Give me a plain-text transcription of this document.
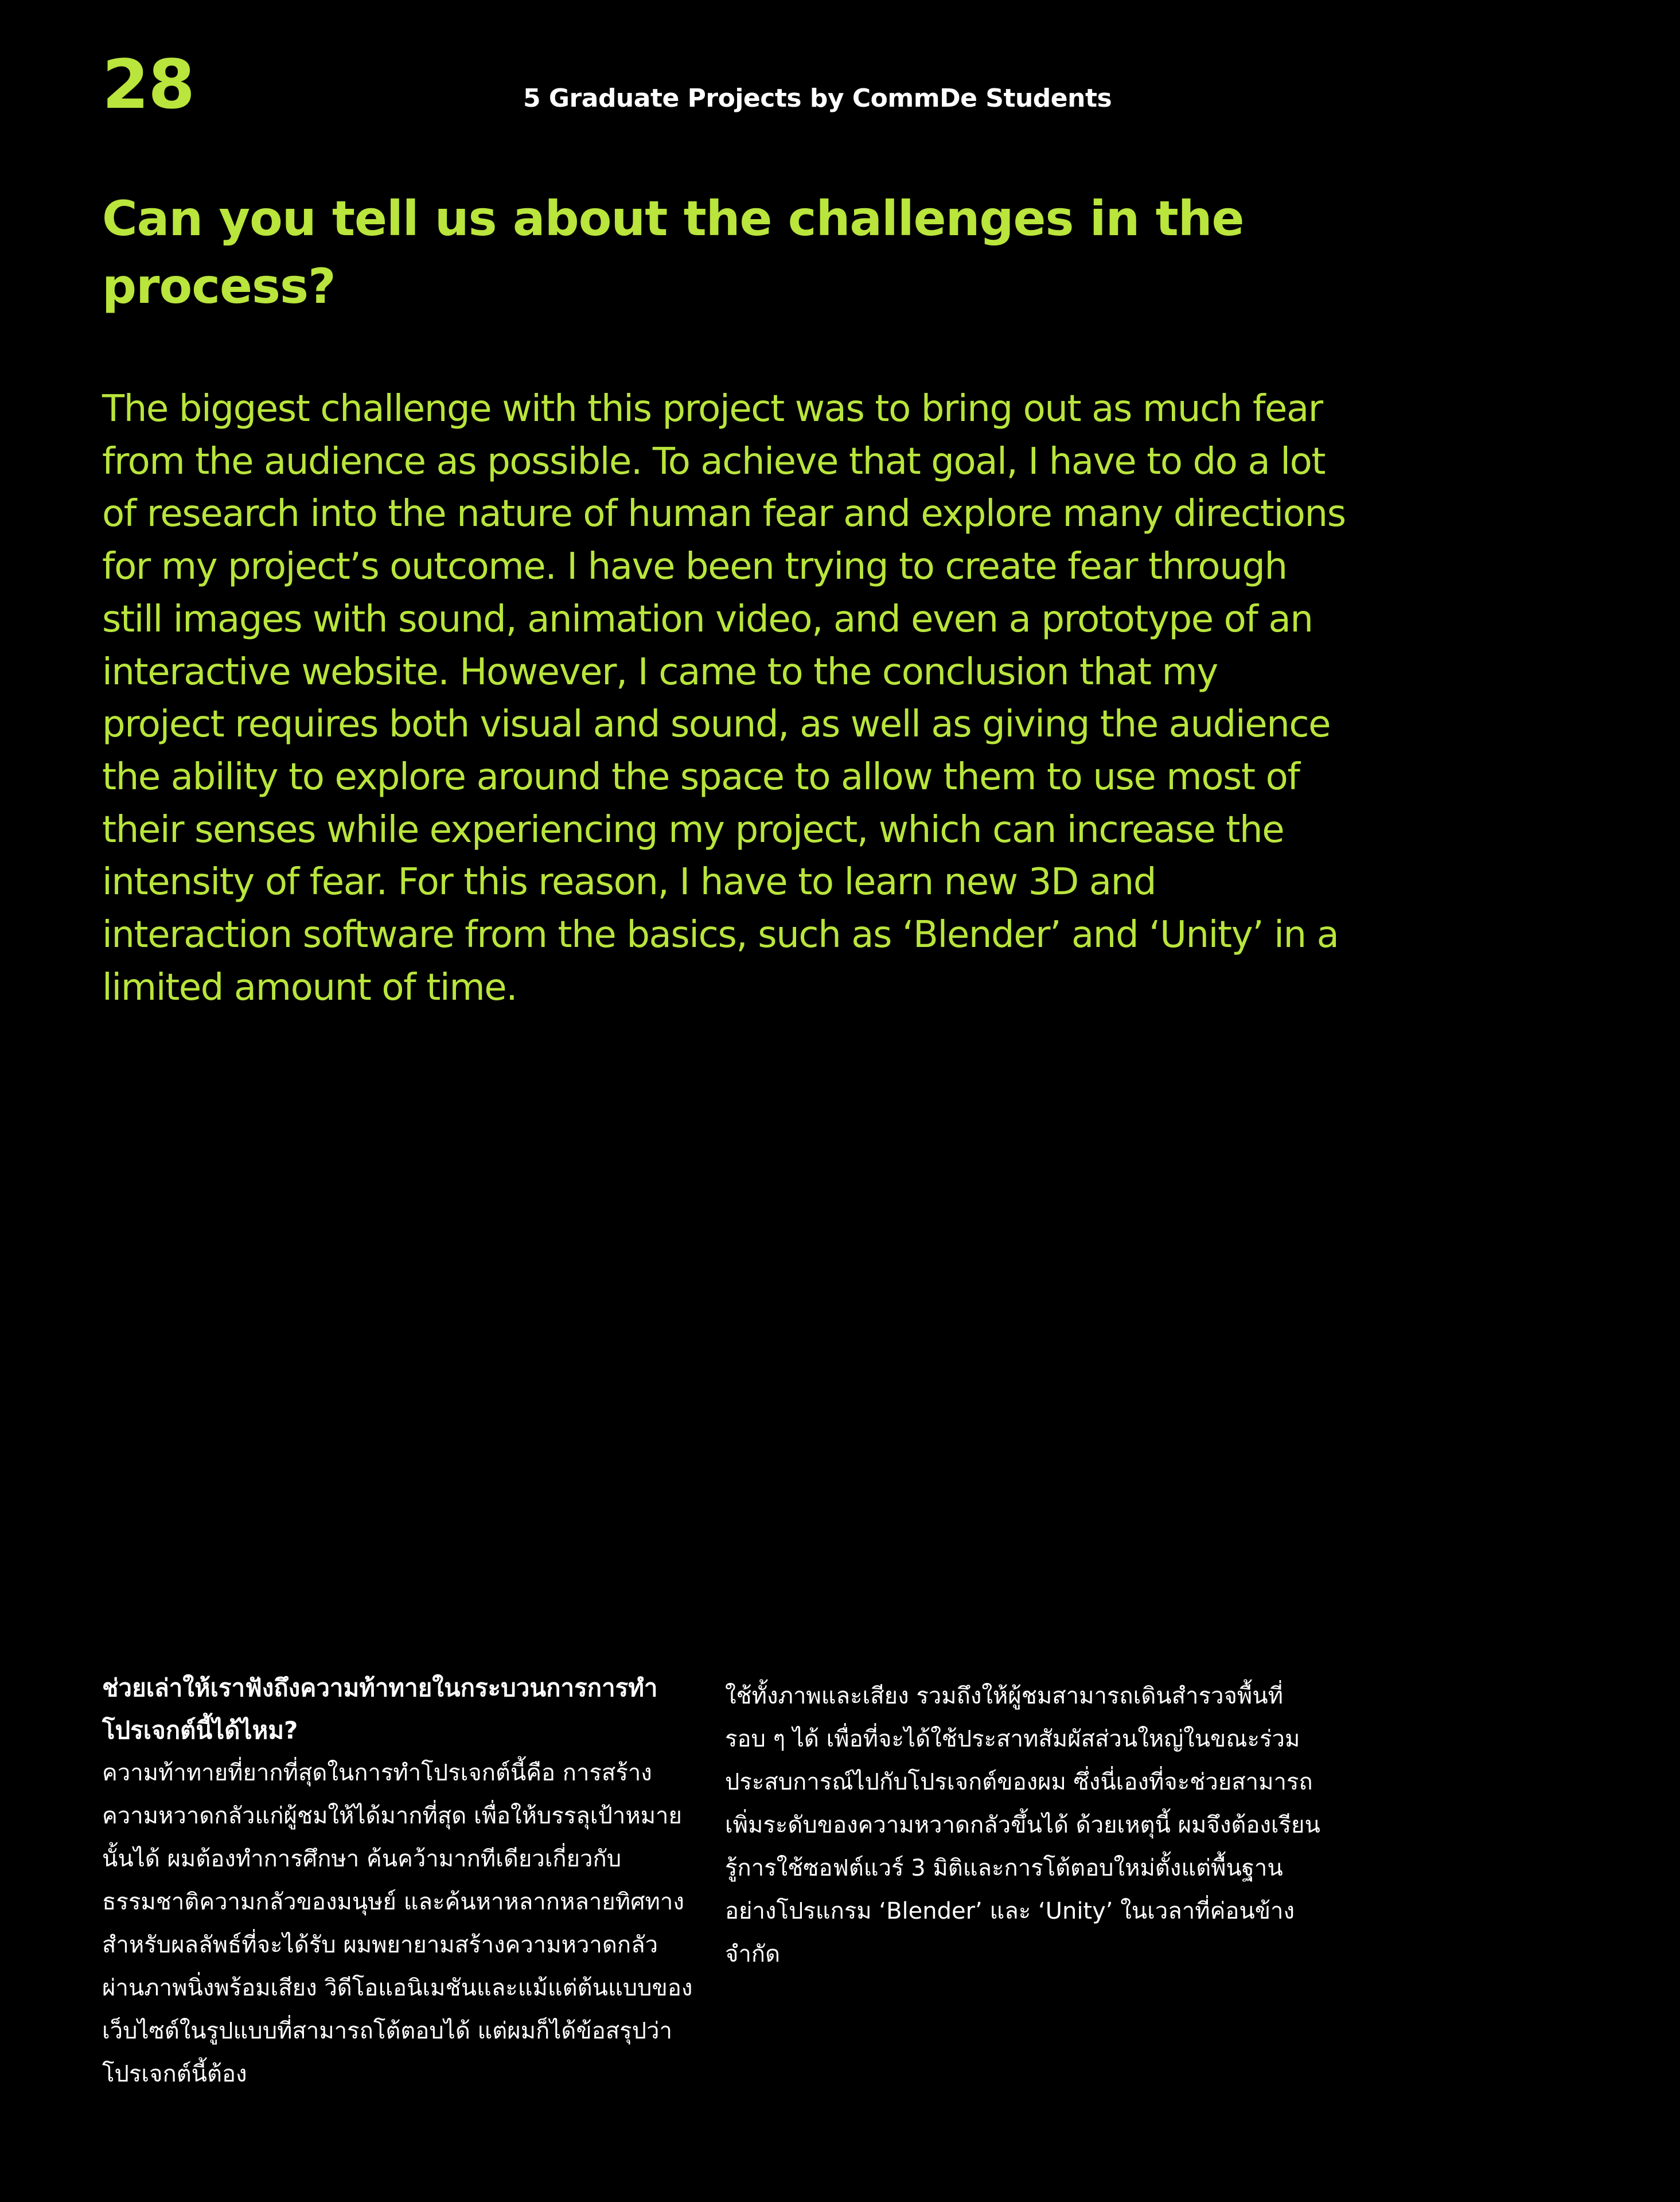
28	5 Graduate Projects by CommDe Students
Can you tell us about the challenges in the process?

The biggest challenge with this project was to bring out as much fear from the audience as possible. To achieve that goal, I have to do a lot of research into the nature of human fear and explore many directions for my project’s outcome. I have been trying to create fear through still images with sound, animation video, and even a prototype of an interactive website. However, I came to the conclusion that my project requires both visual and sound, as well as giving the audience the ability to explore around the space to allow them to use most of their senses while experiencing my project, which can increase the intensity of fear. For this reason, I have to learn new 3D and interaction software from the basics, such as ‘Blender’ and ‘Unity’ in a limited amount of time.

ช่วยเล่าให้เราฟังถึงความท้าทายในกระบวนการการทำโปรเจกต์นี้ได้ไหม?

ความท้าทายที่ยากที่สุดในการทำโปรเจกต์นี้คือ การสร้างความหวาดกลัวแก่ผู้ชมให้ได้มากที่สุด เพื่อให้บรรลุเป้าหมายนั้นได้ ผมต้องทำการศึกษา ค้นคว้ามากทีเดียวเกี่ยวกับธรรมชาติความกลัวของมนุษย์ และค้นหาหลากหลายทิศทางสำหรับผลลัพธ์ที่จะได้รับ ผมพยายามสร้างความหวาดกลัวผ่านภาพนิ่งพร้อมเสียง วิดีโอแอนิเมชันและแม้แต่ต้นแบบของเว็บไซต์ในรูปแบบที่สามารถโต้ตอบได้ แต่ผมก็ได้ข้อสรุปว่าโปรเจกต์นี้ต้อง

ใช้ทั้งภาพและเสียง รวมถึงให้ผู้ชมสามารถเดินสำรวจพื้นที่รอบ ๆ ได้ เพื่อที่จะได้ใช้ประสาทสัมผัสส่วนใหญ่ในขณะร่วมประสบการณ์ไปกับโปรเจกต์ของผม ซึ่งนี่เองที่จะช่วยสามารถเพิ่มระดับของความหวาดกลัวขึ้นได้ ด้วยเหตุนี้ ผมจึงต้องเรียนรู้การใช้ซอฟต์แวร์ 3 มิติและการโต้ตอบใหม่ตั้งแต่พื้นฐาน อย่างโปรแกรม ‘Blender’ และ ‘Unity’ ในเวลาที่ค่อนข้างจำกัด
